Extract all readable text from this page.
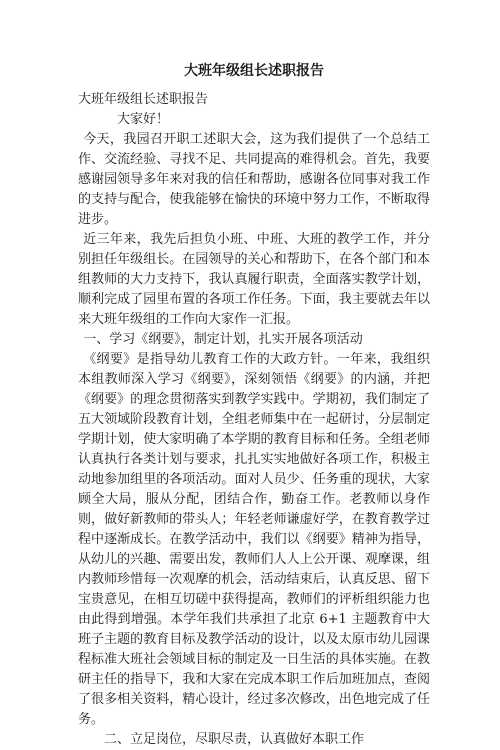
大班年级组长述职报告

大班年级组长述职报告

大家好！

今天，我园召开职工述职大会，这为我们提供了一个总结工作、交流经验、寻找不足、共同提高的难得机会。首先，我要感谢园领导多年来对我的信任和帮助，感谢各位同事对我工作的支持与配合，使我能够在愉快的环境中努力工作，不断取得进步。

近三年来，我先后担负小班、中班、大班的教学工作，并分别担任年级组长。在园领导的关心和帮助下，在各个部门和本组教师的大力支持下，我认真履行职责，全面落实教学计划，顺利完成了园里布置的各项工作任务。下面，我主要就去年以来大班年级组的工作向大家作一汇报。

一、学习《纲要》，制定计划，扎实开展各项活动

《纲要》是指导幼儿教育工作的大政方针。一年来，我组织本组教师深入学习《纲要》，深刻领悟《纲要》的内涵，并把《纲要》的理念贯彻落实到教学实践中。学期初，我们制定了五大领域阶段教育计划，全组老师集中在一起研讨，分层制定学期计划，使大家明确了本学期的教育目标和任务。全组老师认真执行各类计划与要求，扎扎实实地做好各项工作，积极主动地参加组里的各项活动。面对人员少、任务重的现状，大家顾全大局，服从分配，团结合作，勤奋工作。老教师以身作则，做好新教师的带头人；年轻老师谦虚好学，在教育教学过程中逐渐成长。在教学活动中，我们以《纲要》精神为指导，从幼儿的兴趣、需要出发，教师们人人上公开课、观摩课，组内教师珍惜每一次观摩的机会，活动结束后，认真反思、留下宝贵意见，在相互切磋中获得提高，教师们的评析组织能力也由此得到增强。本学年我们共承担了北京 6+1 主题教育中大班子主题的教育目标及教学活动的设计，以及太原市幼儿园课程标准大班社会领域目标的制定及一日生活的具体实施。在教研主任的指导下，我和大家在完成本职工作后加班加点，查阅了很多相关资料，精心设计，经过多次修改，出色地完成了任务。

二、立足岗位，尽职尽责，认真做好本职工作
